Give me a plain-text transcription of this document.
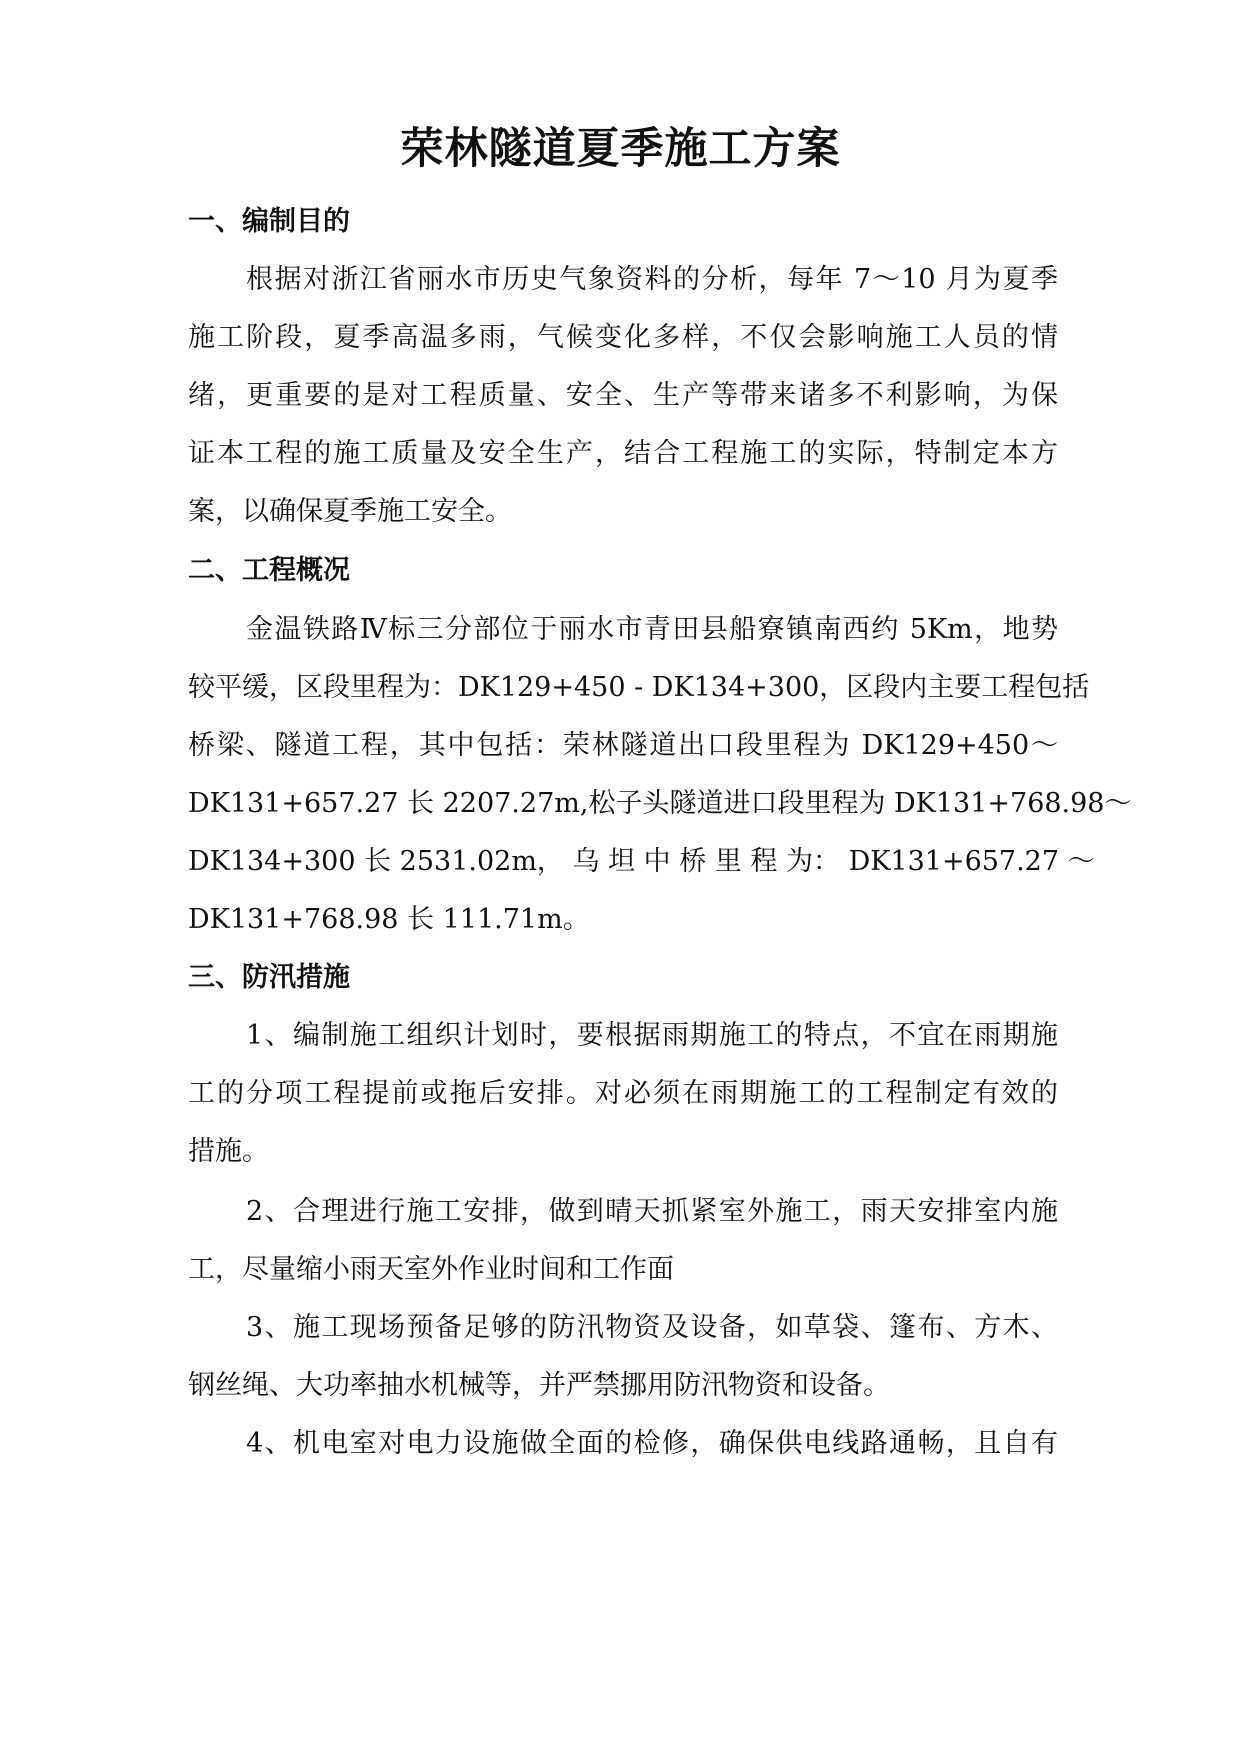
荣林隧道夏季施工方案
一、编制目的

根据对浙江省丽水市历史气象资料的分析，每年 7～10 月为夏季

施工阶段，夏季高温多雨，气候变化多样，不仅会影响施工人员的情

绪，更重要的是对工程质量、安全、生产等带来诸多不利影响，为保

证本工程的施工质量及安全生产，结合工程施工的实际，特制定本方

案，以确保夏季施工安全。

二、工程概况

金温铁路Ⅳ标三分部位于丽水市青田县船寮镇南西约 5Km，地势

较平缓，区段里程为：DK129+450 - DK134+300，区段内主要工程包括

桥梁、隧道工程，其中包括：荣林隧道出口段里程为 DK129+450～

DK131+657.27 长 2207.27m,松子头隧道进口段里程为 DK131+768.98～

DK134+300 长 2531.02m， 乌 坦 中 桥 里 程 为： DK131+657.27 ～

DK131+768.98 长 111.71m。

三、防汛措施

1、编制施工组织计划时，要根据雨期施工的特点，不宜在雨期施

工的分项工程提前或拖后安排。对必须在雨期施工的工程制定有效的

措施。

2、合理进行施工安排，做到晴天抓紧室外施工，雨天安排室内施

工，尽量缩小雨天室外作业时间和工作面

3、施工现场预备足够的防汛物资及设备，如草袋、篷布、方木、

钢丝绳、大功率抽水机械等，并严禁挪用防汛物资和设备。

4、机电室对电力设施做全面的检修，确保供电线路通畅，且自有
